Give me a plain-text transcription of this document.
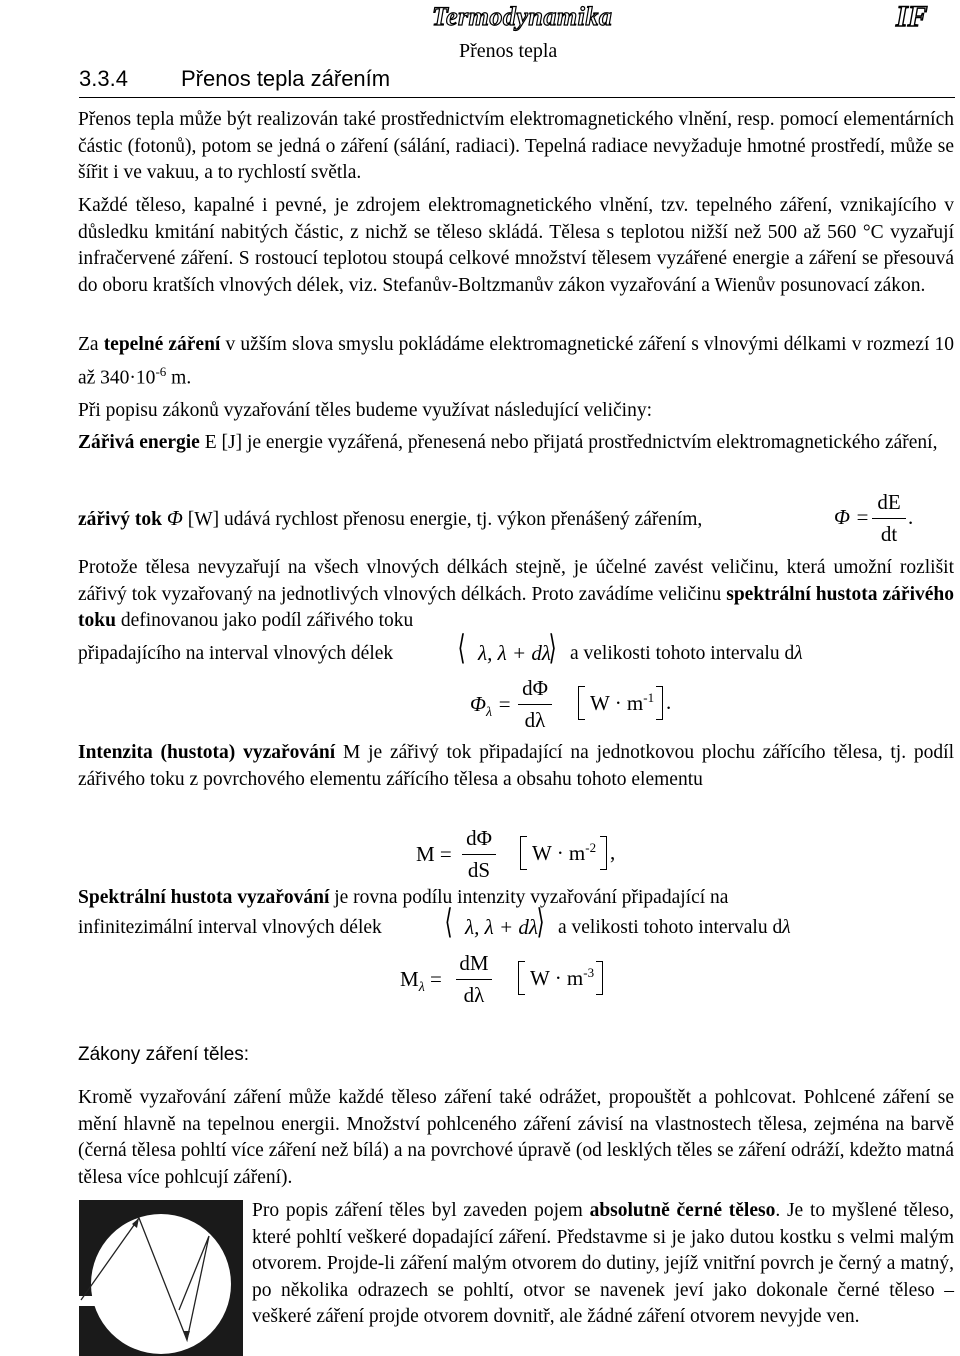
Termodynamika	IF
Přenos tepla
3.3.4 Přenos tepla zářením
Přenos tepla může být realizován také prostřednictvím elektromagnetického vlnění, resp. pomocí elementárních částic (fotonů), potom se jedná o záření (sálání, radiaci). Tepelná radiace nevyžaduje hmotné prostředí, může se šířit i ve vakuu, a to rychlostí světla.
Každé těleso, kapalné i pevné, je zdrojem elektromagnetického vlnění, tzv. tepelného záření, vznikajícího v důsledku kmitání nabitých částic, z nichž se těleso skládá. Tělesa s teplotou nižší než 500 až 560 °C vyzařují infračervené záření. S rostoucí teplotou stoupá celkové množství tělesem vyzářené energie a záření se přesouvá do oboru kratších vlnových délek, viz. Stefanův-Boltzmanův zákon vyzařování a Wienův posunovací zákon.
Za tepelné záření v užším slova smyslu pokládáme elektromagnetické záření s vlnovými délkami v rozmezí 10 až $340\cdot 10^{-6}$ m.
Při popisu zákonů vyzařování těles budeme využívat následující veličiny:
Zářivá energie E [J] je energie vyzářená, přenesená nebo přijatá prostřednictvím elektromagnetického záření,
zářivý tok Φ [W] udává rychlost přenosu energie, tj. výkon přenášený zářením,	Φ =
dE
dt
.
Protože tělesa nevyzařují na všech vlnových délkách stejně, je účelné zavést veličinu, která umožní rozlišit zářivý tok vyzařovaný na jednotlivých vlnových délkách. Proto zavádíme veličinu spektrální hustota zářivého toku definovanou jako podíl zářivého toku
připadajícího na interval vlnových délek	⟨ λ, λ + dλ
⟩ a velikosti tohoto intervalu dλ
$\Phi_\lambda$ =
dΦ
dλ
$W \cdot m^{-1}$ .
Intenzita (hustota) vyzařování M je zářivý tok připadající na jednotkovou plochu zářícího tělesa, tj. podíl zářivého toku z povrchového elementu zářícího tělesa a obsahu tohoto elementu
M =
dΦ
dS
$W \cdot m^{-2}$ ,
Spektrální hustota vyzařování je rovna podílu intenzity vyzařování připadající na
infinitezimální interval vlnových délek	⟨ λ, λ + dλ
⟩ a velikosti tohoto intervalu dλ
$M_\lambda$ =
dM
dλ
$W \cdot m^{-3}$
Zákony záření těles:
Kromě vyzařování záření může každé těleso záření také odrážet, propouštět a pohlcovat. Pohlcené záření se mění hlavně na tepelnou energii. Množství pohlceného záření závisí na vlastnostech tělesa, zejména na barvě (černá tělesa pohltí více záření než bílá) a na povrchové úpravě (od lesklých těles se záření odráží, kdežto matná tělesa více pohlcují záření).
Pro popis záření těles byl zaveden pojem absolutně černé těleso. Je to myšlené těleso, které pohltí veškeré dopadající záření. Představme si je jako dutou kostku s velmi malým otvorem. Projde-li záření malým otvorem do dutiny, jejíž vnitřní povrch je černý a matný, po několika odrazech se pohltí, otvor se navenek jeví jako dokonale černé těleso – veškeré záření projde otvorem dovnitř, ale žádné záření otvorem nevyjde ven.
